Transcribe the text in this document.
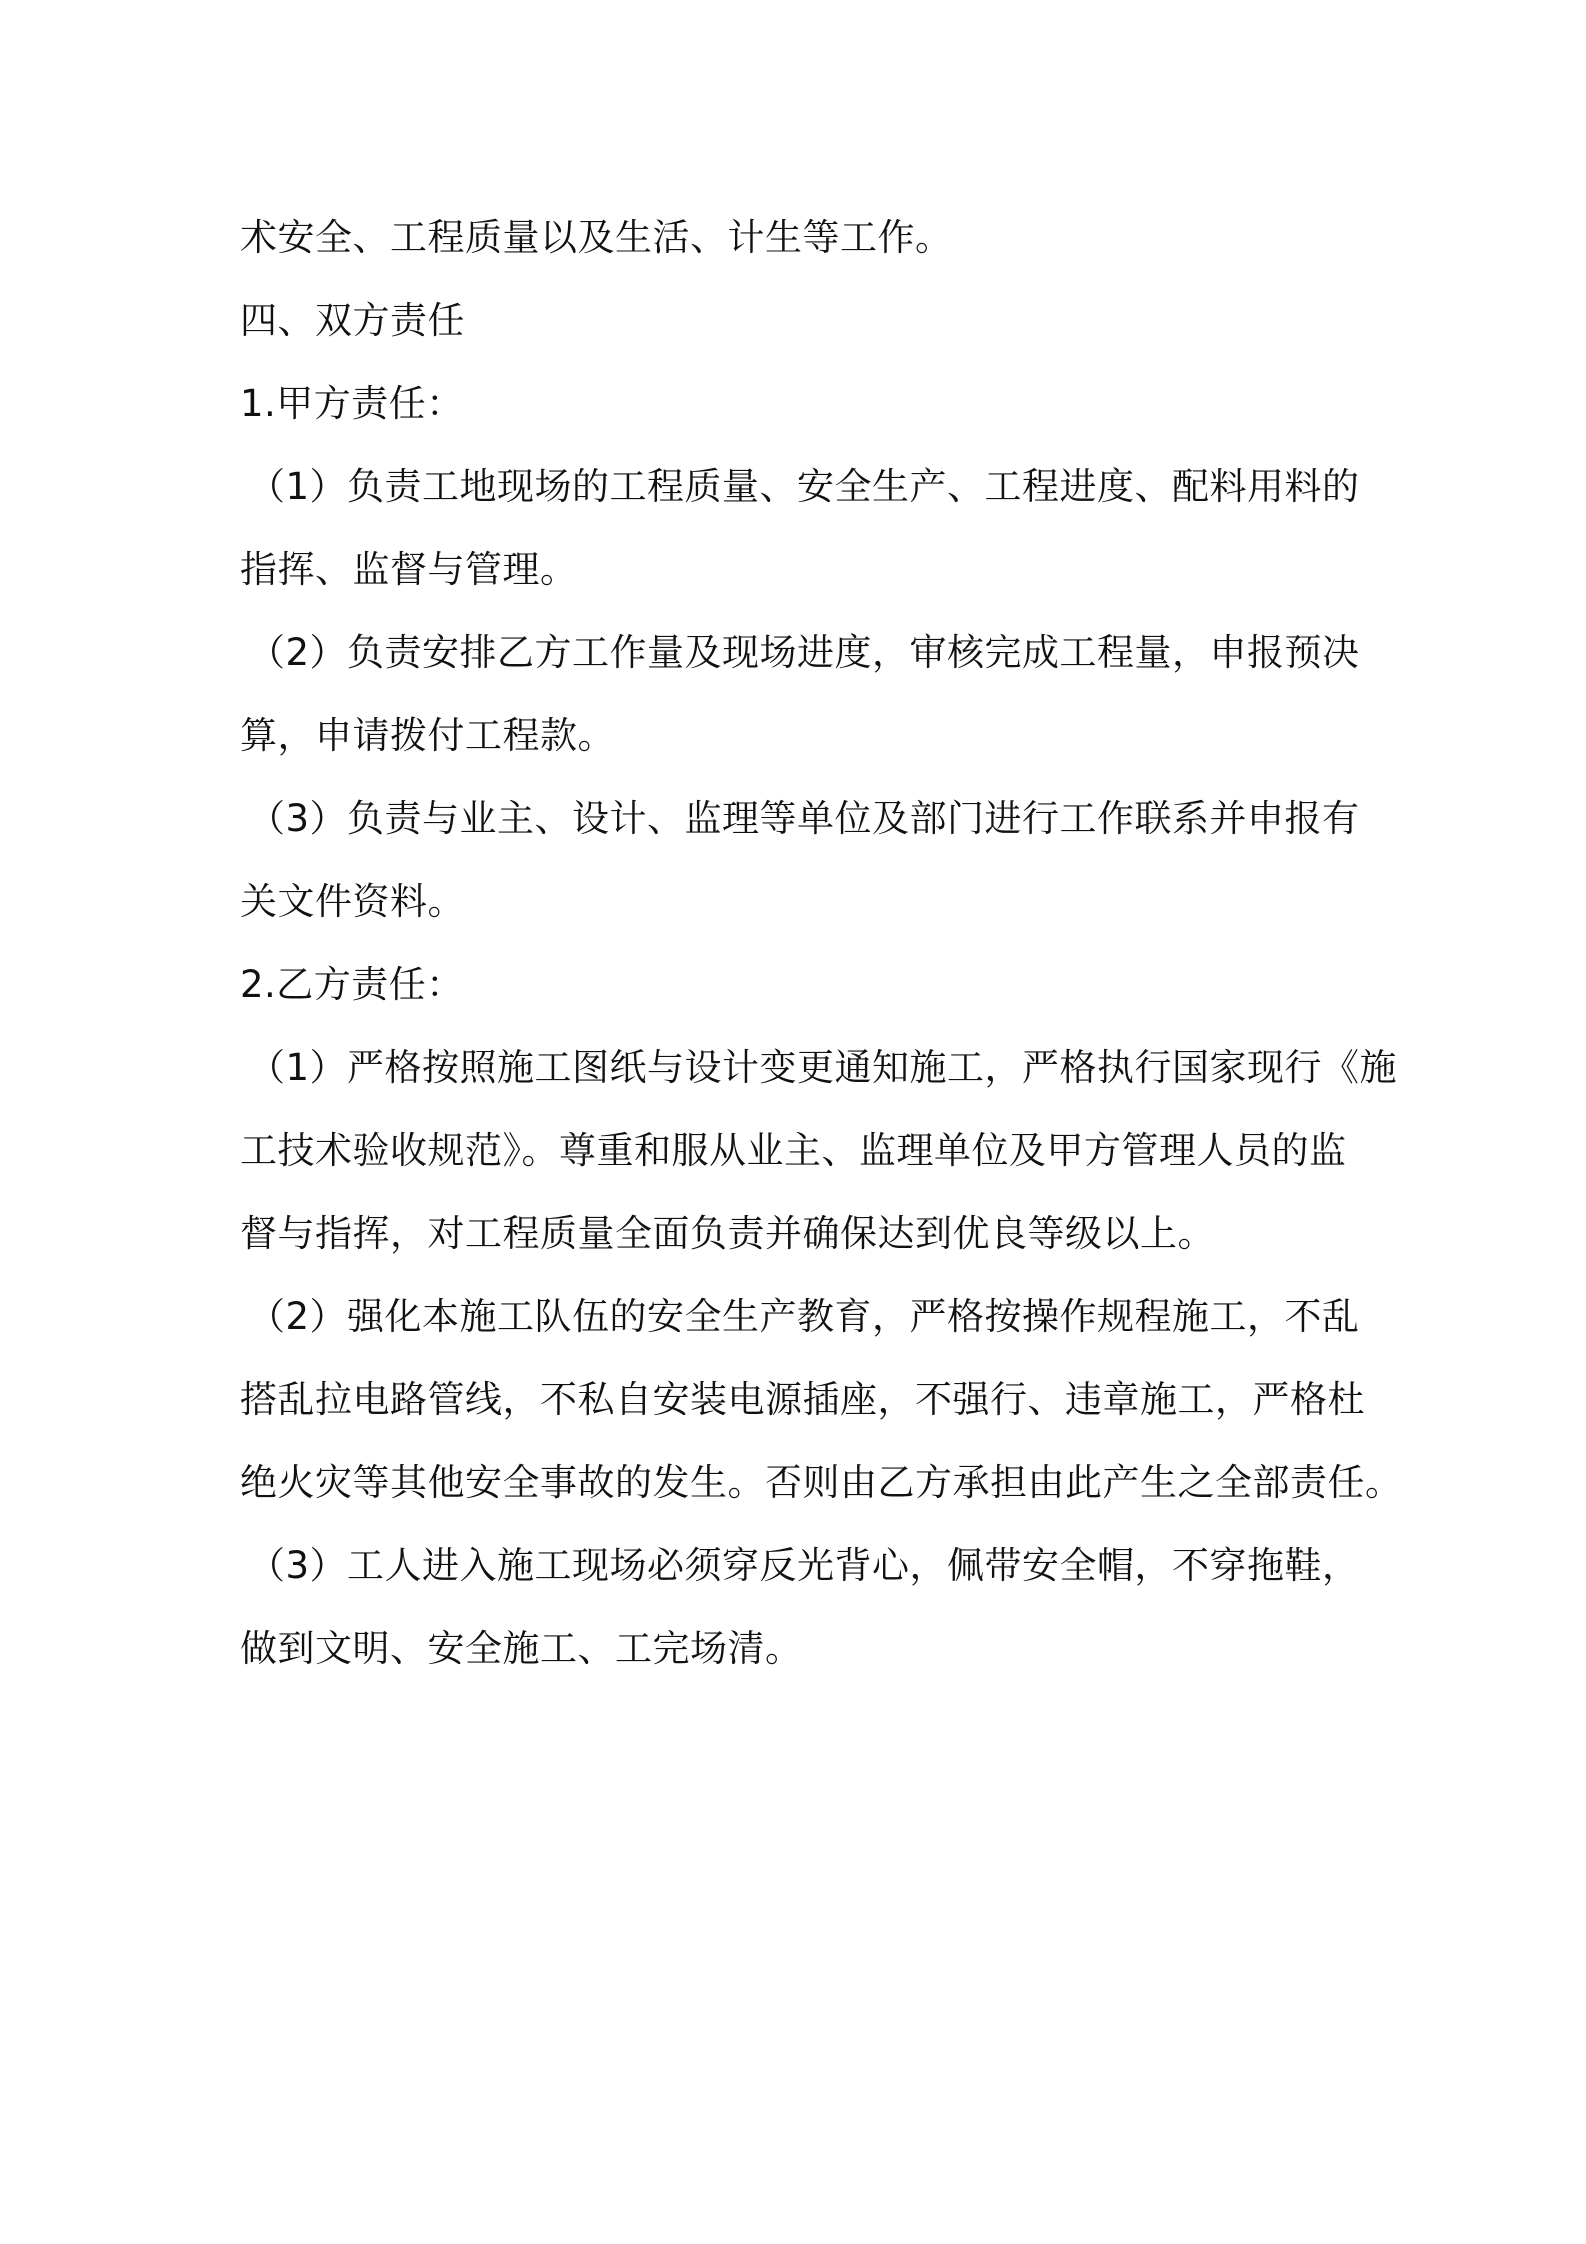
术安全、工程质量以及生活、计生等工作。
四、双方责任
1.甲方责任：
（1）负责工地现场的工程质量、安全生产、工程进度、配料用料的
指挥、监督与管理。
（2）负责安排乙方工作量及现场进度，审核完成工程量，申报预决
算，申请拨付工程款。
（3）负责与业主、设计、监理等单位及部门进行工作联系并申报有
关文件资料。
2.乙方责任：
（1）严格按照施工图纸与设计变更通知施工，严格执行国家现行《施
工技术验收规范》。尊重和服从业主、监理单位及甲方管理人员的监
督与指挥，对工程质量全面负责并确保达到优良等级以上。
（2）强化本施工队伍的安全生产教育，严格按操作规程施工，不乱
搭乱拉电路管线，不私自安装电源插座，不强行、违章施工，严格杜
绝火灾等其他安全事故的发生。否则由乙方承担由此产生之全部责任。
（3）工人进入施工现场必须穿反光背心，佩带安全帽，不穿拖鞋，
做到文明、安全施工、工完场清。
